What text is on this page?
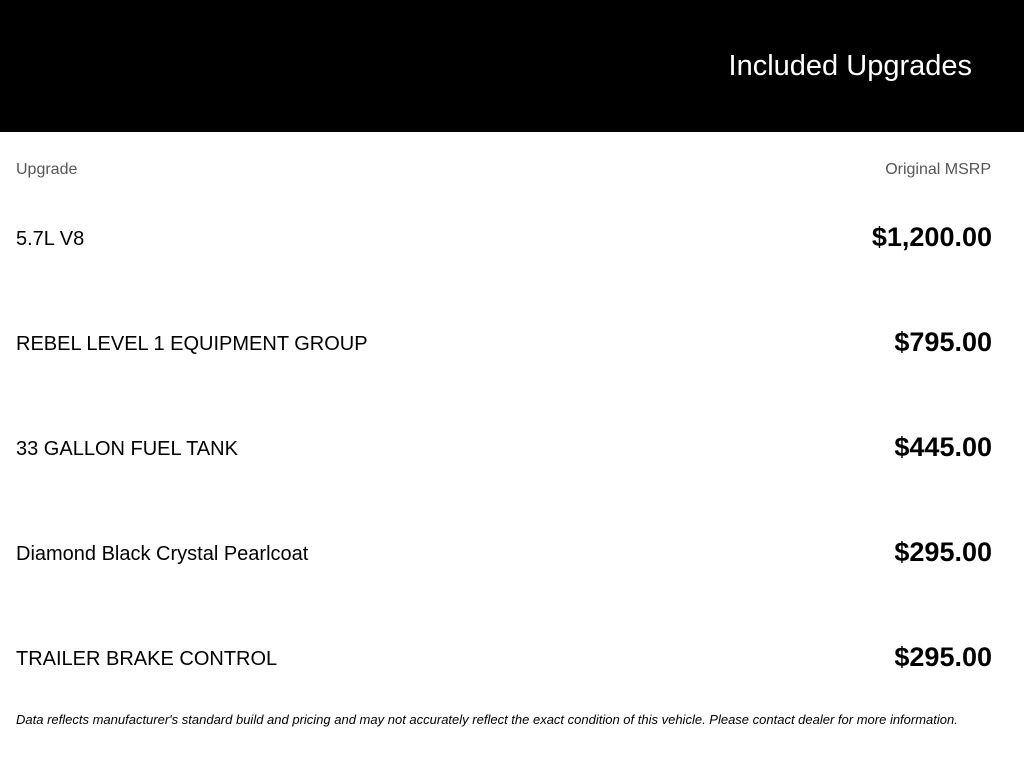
Included Upgrades
Upgrade	Original MSRP
5.7L V8	$1,200.00
REBEL LEVEL 1 EQUIPMENT GROUP	$795.00
33 GALLON FUEL TANK	$445.00
Diamond Black Crystal Pearlcoat	$295.00
TRAILER BRAKE CONTROL	$295.00
Data reflects manufacturer's standard build and pricing and may not accurately reflect the exact condition of this vehicle. Please contact dealer for more information.
